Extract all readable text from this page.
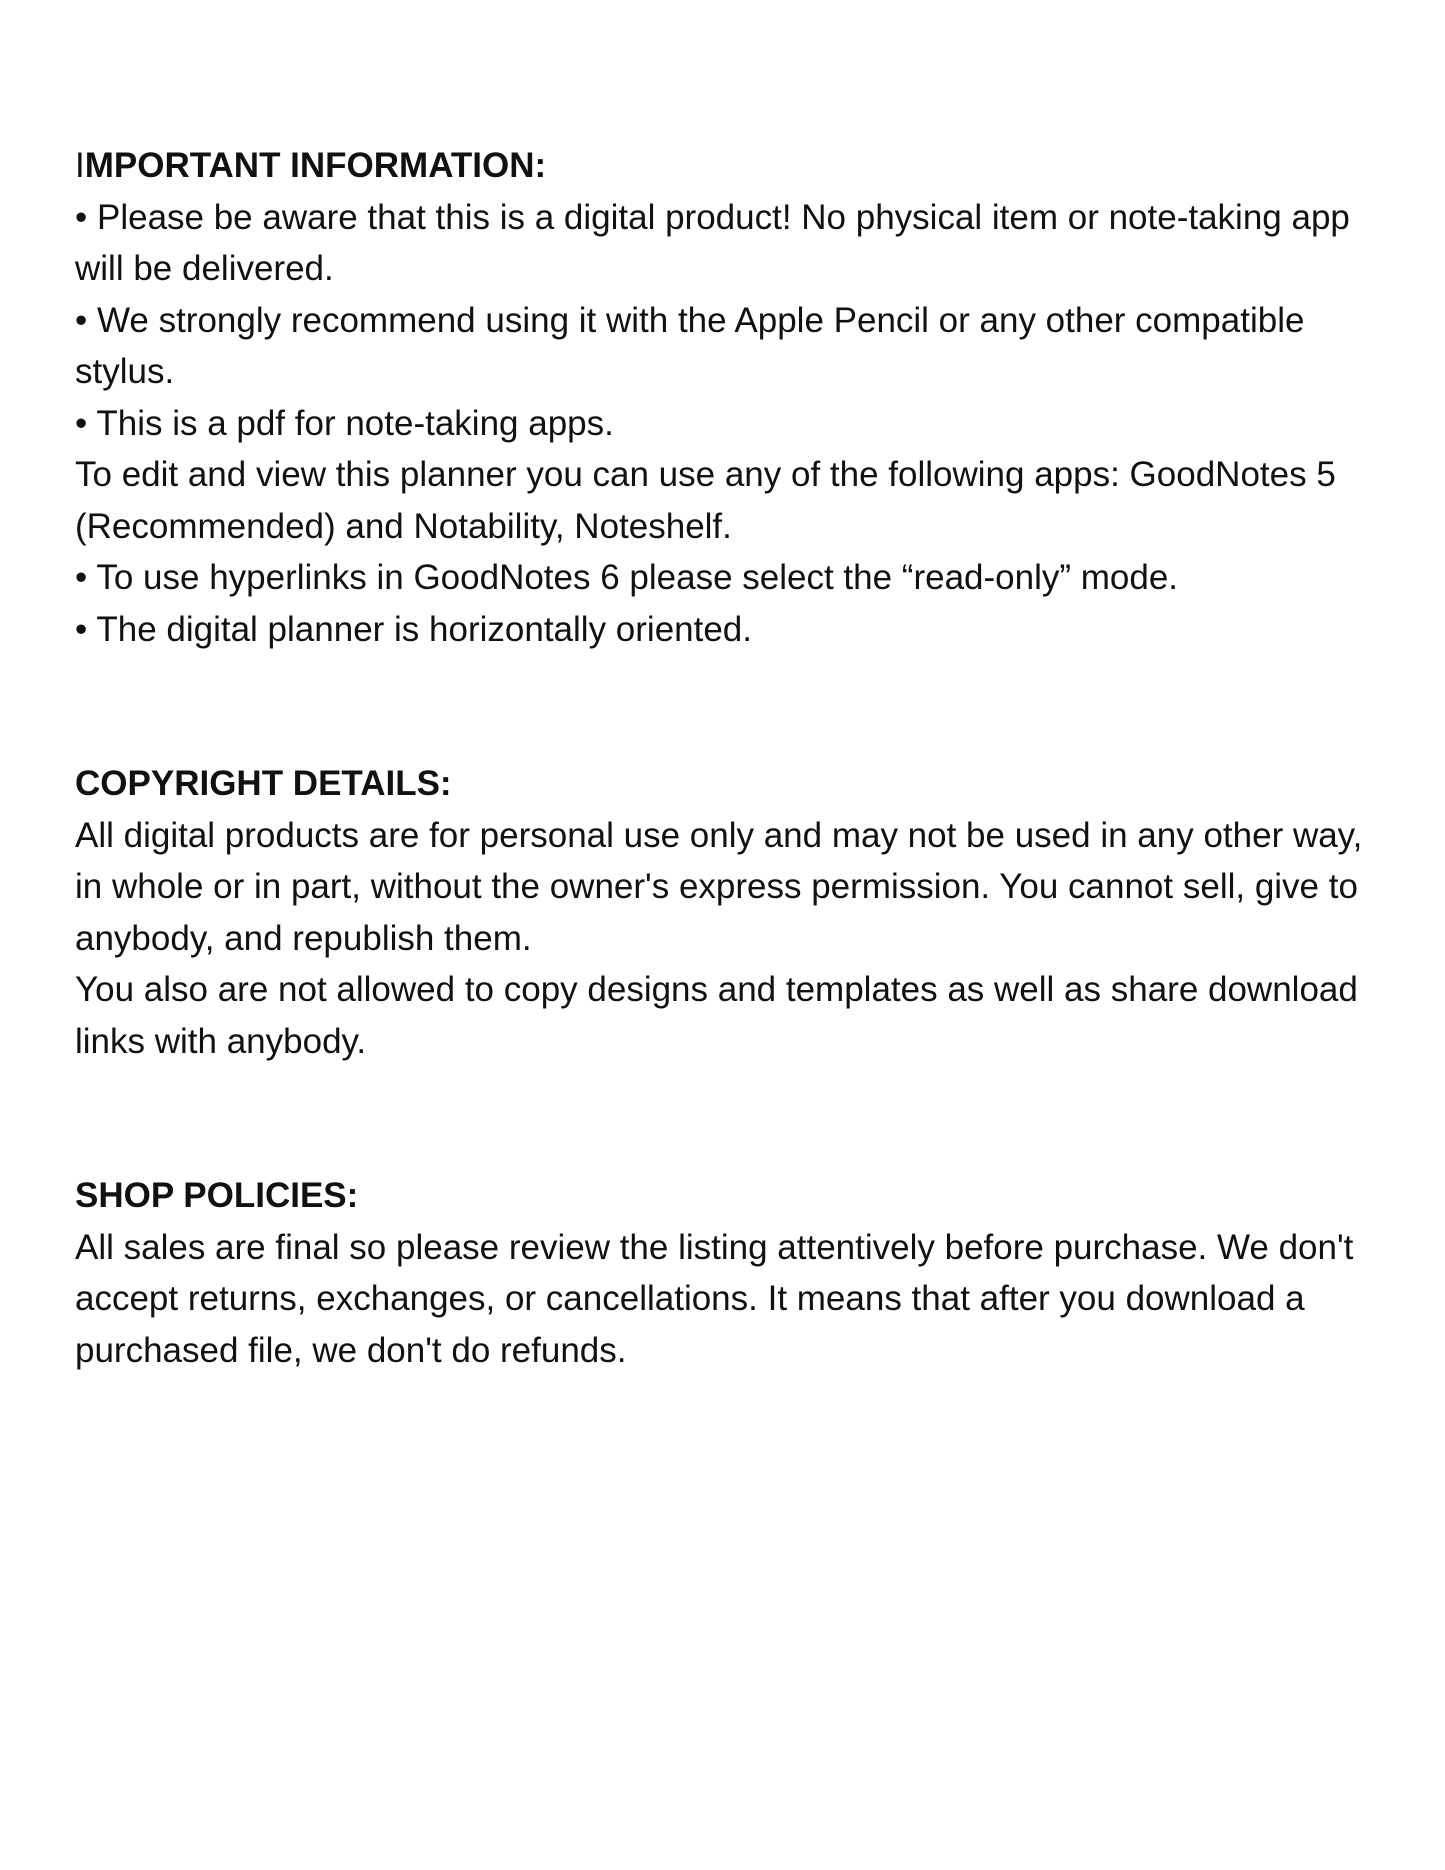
IMPORTANT INFORMATION:

• Please be aware that this is a digital product! No physical item or note-taking app will be delivered.

• We strongly recommend using it with the Apple Pencil or any other compatible stylus.

• This is a pdf for note-taking apps.

To edit and view this planner you can use any of the following apps: GoodNotes 5 (Recommended) and Notability, Noteshelf.

• To use hyperlinks in GoodNotes 6 please select the “read-only” mode.

• The digital planner is horizontally oriented.

COPYRIGHT DETAILS:

All digital products are for personal use only and may not be used in any other way, in whole or in part, without the owner's express permission. You cannot sell, give to anybody, and republish them.

You also are not allowed to copy designs and templates as well as share download links with anybody.

SHOP POLICIES:

All sales are final so please review the listing attentively before purchase. We don't accept returns, exchanges, or cancellations. It means that after you download a purchased file, we don't do refunds.
